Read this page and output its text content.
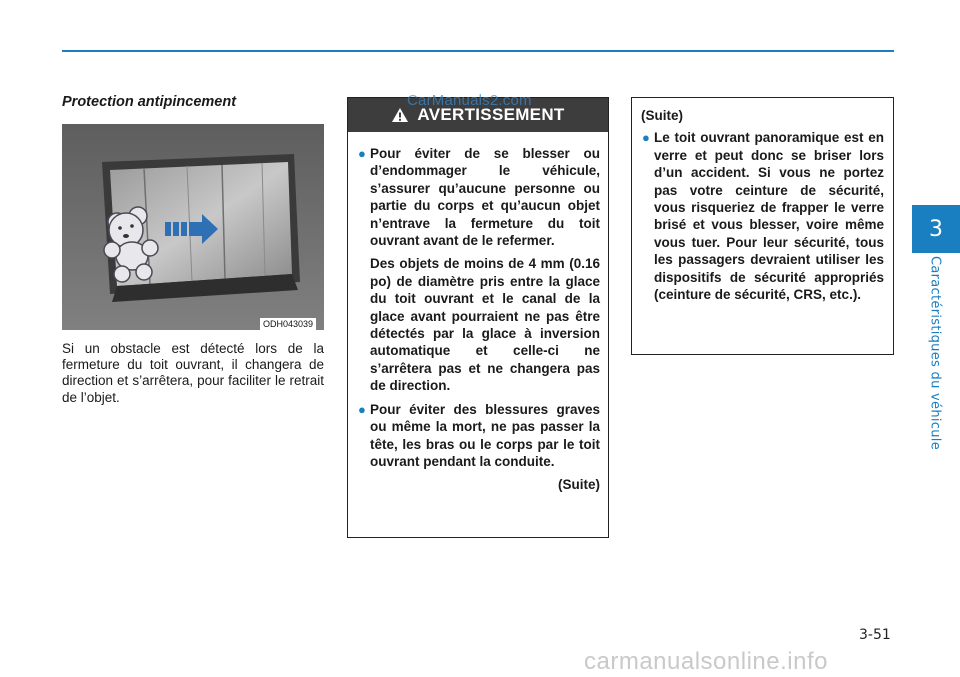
3
Caractéristiques du véhicule
Protection antipincement
ODH043039
Si un obstacle est détecté lors de la fermeture du toit ouvrant, il changera de direction et s’arrêtera, pour faciliter le retrait de l’objet.
AVERTISSEMENT
● Pour éviter de se blesser ou d’endommager le véhicule, s’assurer qu’aucune personne ou partie du corps et qu’aucun objet n’entrave la fermeture du toit ouvrant avant de le refermer.
Des objets de moins de 4 mm (0.16 po) de diamètre pris entre la glace du toit ouvrant et le canal de la glace avant pourraient ne pas être détectés par la glace à inversion automatique et celle-ci ne s’arrêtera pas et ne changera pas de direction.
● Pour éviter des blessures graves ou même la mort, ne pas passer la tête, les bras ou le corps par le toit ouvrant pendant la conduite.
(Suite)
CarManuals2.com
(Suite)
● Le toit ouvrant panoramique est en verre et peut donc se briser lors d’un accident. Si vous ne portez pas votre ceinture de sécurité, vous risqueriez de frapper le verre brisé et vous blesser, voire même vous tuer. Pour leur sécurité, tous les passagers devraient utiliser les dispositifs de sécurité appropriés (ceinture de sécurité, CRS, etc.).
3-51
carmanualsonline.info
